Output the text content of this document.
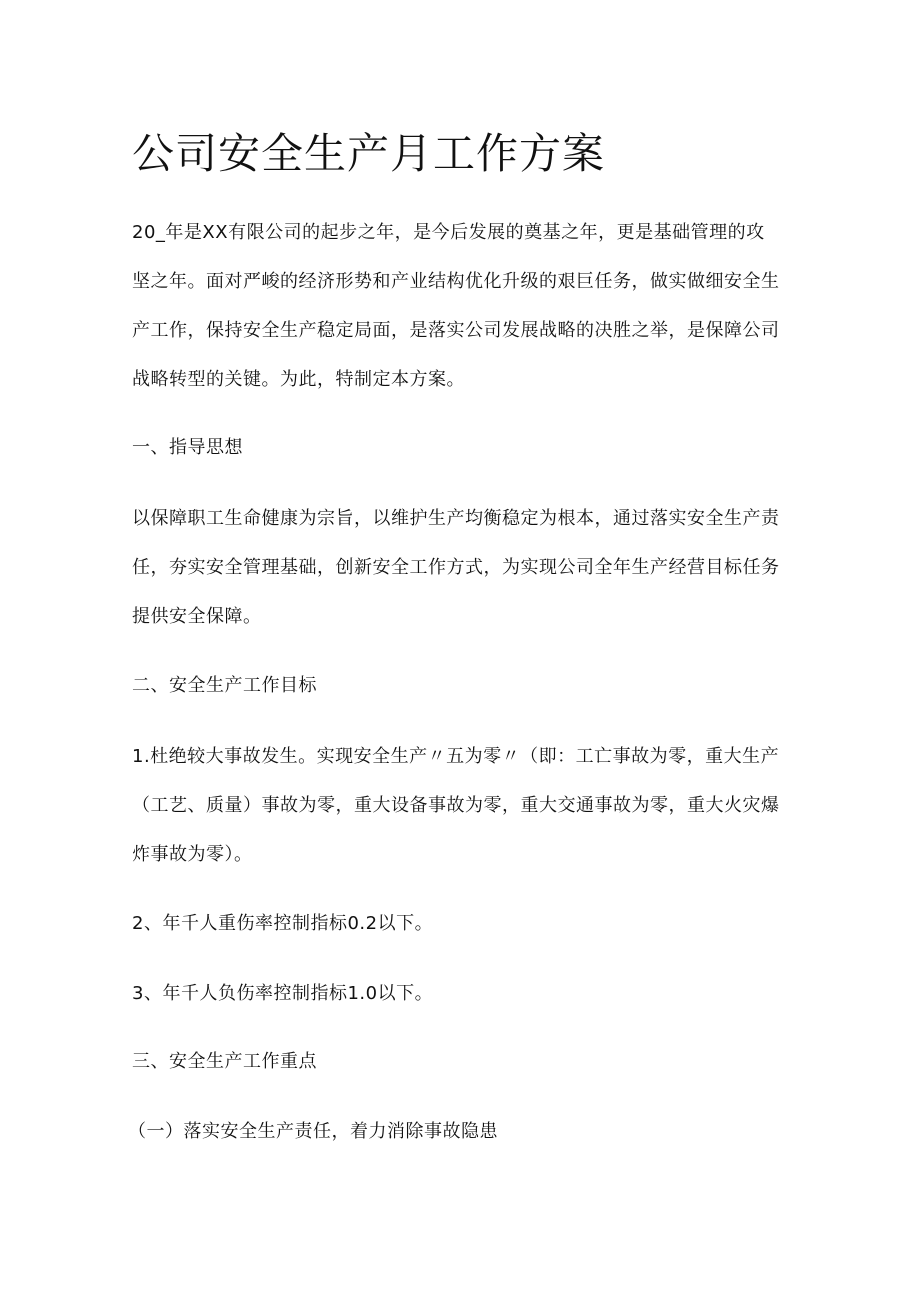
公司安全生产月工作方案
20_年是XX有限公司的起步之年，是今后发展的奠基之年，更是基础管理的攻
坚之年。面对严峻的经济形势和产业结构优化升级的艰巨任务，做实做细安全生
产工作，保持安全生产稳定局面，是落实公司发展战略的决胜之举，是保障公司
战略转型的关键。为此，特制定本方案。
一、指导思想
以保障职工生命健康为宗旨，以维护生产均衡稳定为根本，通过落实安全生产责
任，夯实安全管理基础，创新安全工作方式，为实现公司全年生产经营目标任务
提供安全保障。
二、安全生产工作目标
1.杜绝较大事故发生。实现安全生产〃五为零〃（即：工亡事故为零，重大生产
（工艺、质量）事故为零，重大设备事故为零，重大交通事故为零，重大火灾爆
炸事故为零）。
2、年千人重伤率控制指标0.2以下。
3、年千人负伤率控制指标1.0以下。
三、安全生产工作重点
（一）落实安全生产责任，着力消除事故隐患
